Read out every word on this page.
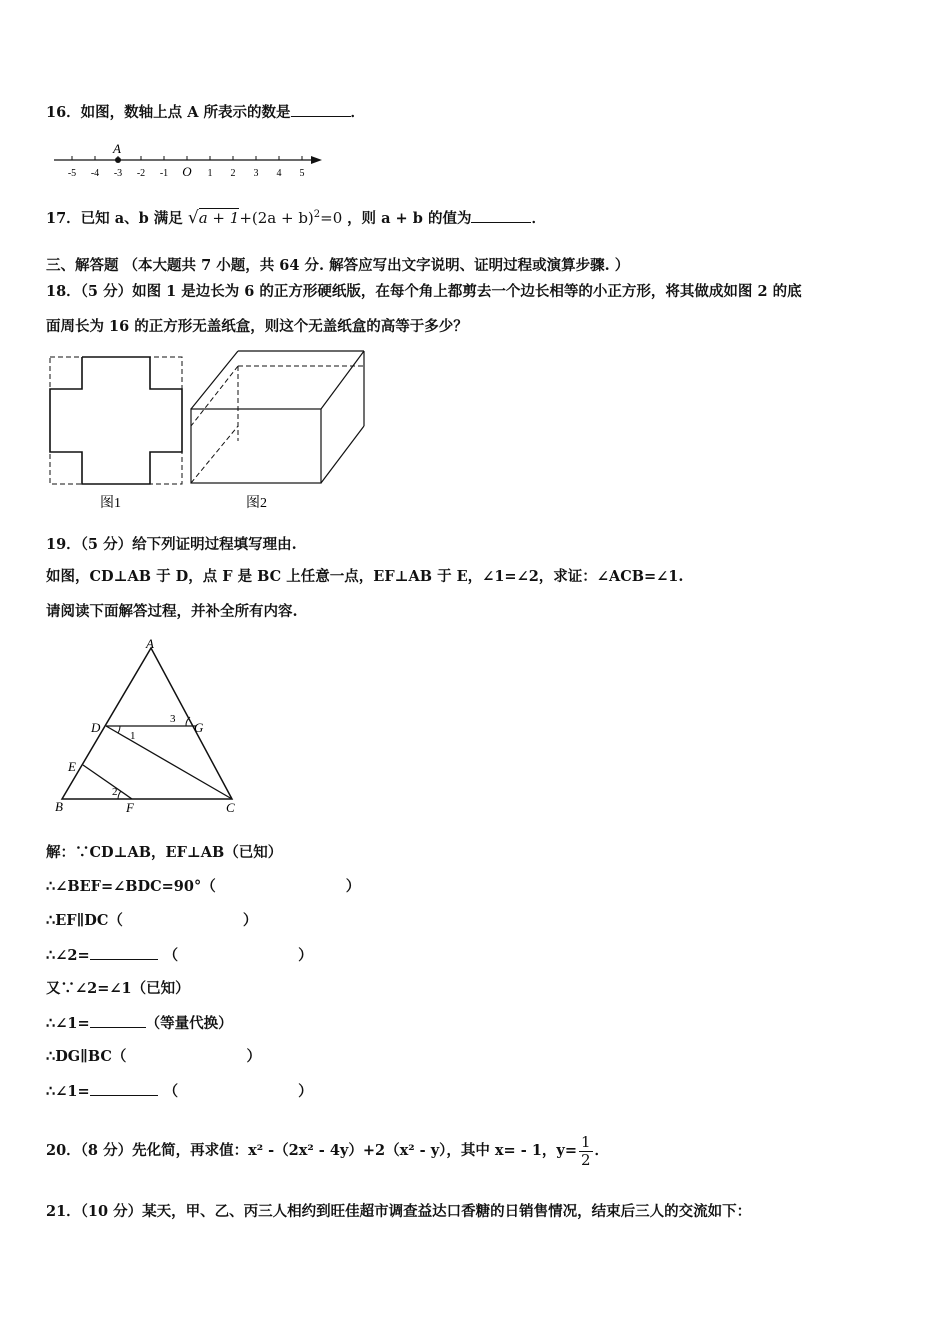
16．如图，数轴上点 A 所表示的数是	．
-5 -4 -3 -2 -1 O 1 2 3 4 5
A
17．已知 a、b 满足 $√a + 1+(2a + b)^2=0$ ，则 a + b 的值为	．
三、解答题 （本大题共 7 小题，共 64 分. 解答应写出文字说明、证明过程或演算步骤. ）
18．（5 分）如图 1 是边长为 6 的正方形硬纸版，在每个角上都剪去一个边长相等的小正方形，将其做成如图 2 的底
面周长为 16 的正方形无盖纸盒，则这个无盖纸盒的高等于多少？
图1	图2
19．（5 分）给下列证明过程填写理由.
如图，CD⊥AB 于 D，点 F 是 BC 上任意一点，EF⊥AB 于 E，∠1=∠2，求证：∠ACB=∠1.
请阅读下面解答过程，并补全所有内容.
A
B	C
D
E
F
G
1
2
3
解：∵CD⊥AB，EF⊥AB（已知）
∴∠BEF=∠BDC=90°（	）
∴EF∥DC（	）
∴∠2=	（	）
又∵∠2=∠1（已知）
∴∠1=	（等量代换）
∴DG∥BC（	）
∴∠1=	（	）
20．（8 分）先化简，再求值：x² -（2x² - 4y）+2（x² - y），其中 x= - 1，$y= \frac{1}{2}$ ．
21．（10 分）某天，甲、乙、丙三人相约到旺佳超市调查益达口香糖的日销售情况，结束后三人的交流如下：
